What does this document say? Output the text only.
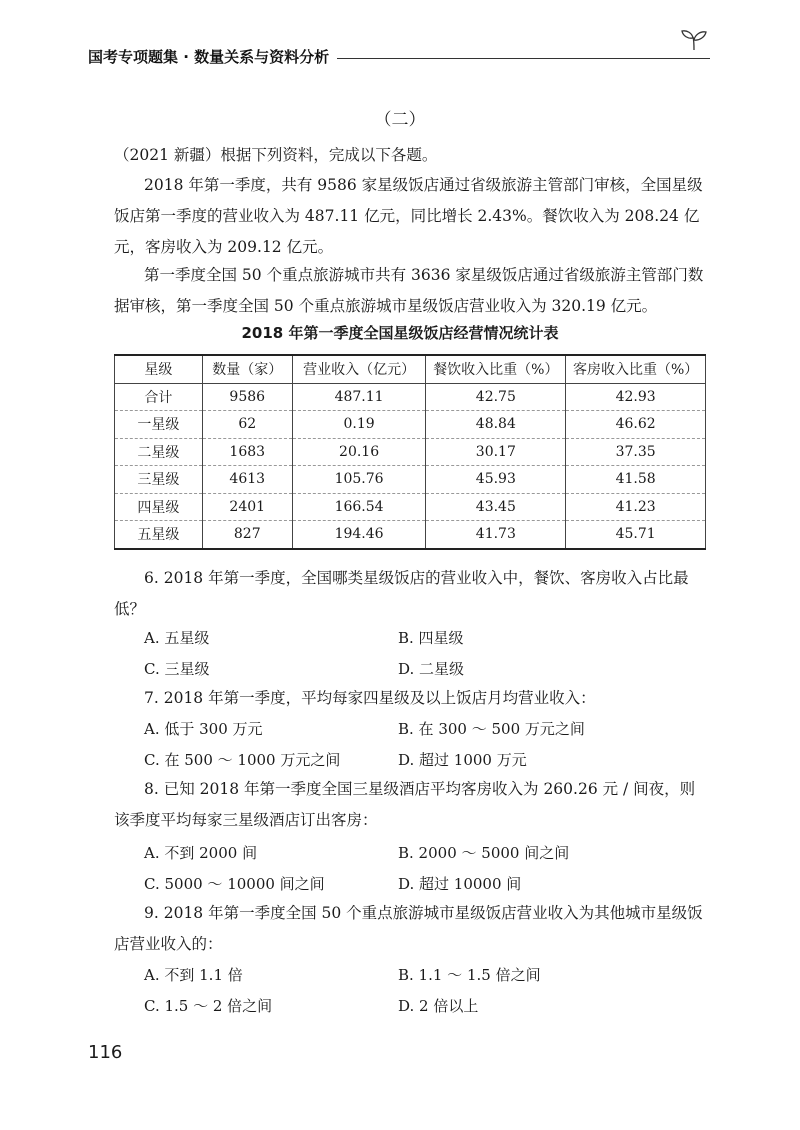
国考专项题集 · 数量关系与资料分析
（二）

（2021 新疆）根据下列资料，完成以下各题。

2018 年第一季度，共有 9586 家星级饭店通过省级旅游主管部门审核，全国星级饭店第一季度的营业收入为 487.11 亿元，同比增长 2.43%。餐饮收入为 208.24 亿元，客房收入为 209.12 亿元。

第一季度全国 50 个重点旅游城市共有 3636 家星级饭店通过省级旅游主管部门数据审核，第一季度全国 50 个重点旅游城市星级饭店营业收入为 320.19 亿元。

2018 年第一季度全国星级饭店经营情况统计表
星级	数量（家）	营业收入（亿元）	餐饮收入比重（%）	客房收入比重（%）
合计	9586	487.11	42.75	42.93
一星级	62	0.19	48.84	46.62
二星级	1683	20.16	30.17	37.35
三星级	4613	105.76	45.93	41.58
四星级	2401	166.54	43.45	41.23
五星级	827	194.46	41.73	45.71

6. 2018 年第一季度，全国哪类星级饭店的营业收入中，餐饮、客房收入占比最低？

A. 五星级	B. 四星级
C. 三星级	D. 二星级

7. 2018 年第一季度，平均每家四星级及以上饭店月均营业收入：

A. 低于 300 万元	B. 在 300 ～ 500 万元之间
C. 在 500 ～ 1000 万元之间	D. 超过 1000 万元

8. 已知 2018 年第一季度全国三星级酒店平均客房收入为 260.26 元 / 间夜，则该季度平均每家三星级酒店订出客房：

A. 不到 2000 间	B. 2000 ～ 5000 间之间
C. 5000 ～ 10000 间之间	D. 超过 10000 间

9. 2018 年第一季度全国 50 个重点旅游城市星级饭店营业收入为其他城市星级饭店营业收入的：

A. 不到 1.1 倍	B. 1.1 ～ 1.5 倍之间
C. 1.5 ～ 2 倍之间	D. 2 倍以上
116
